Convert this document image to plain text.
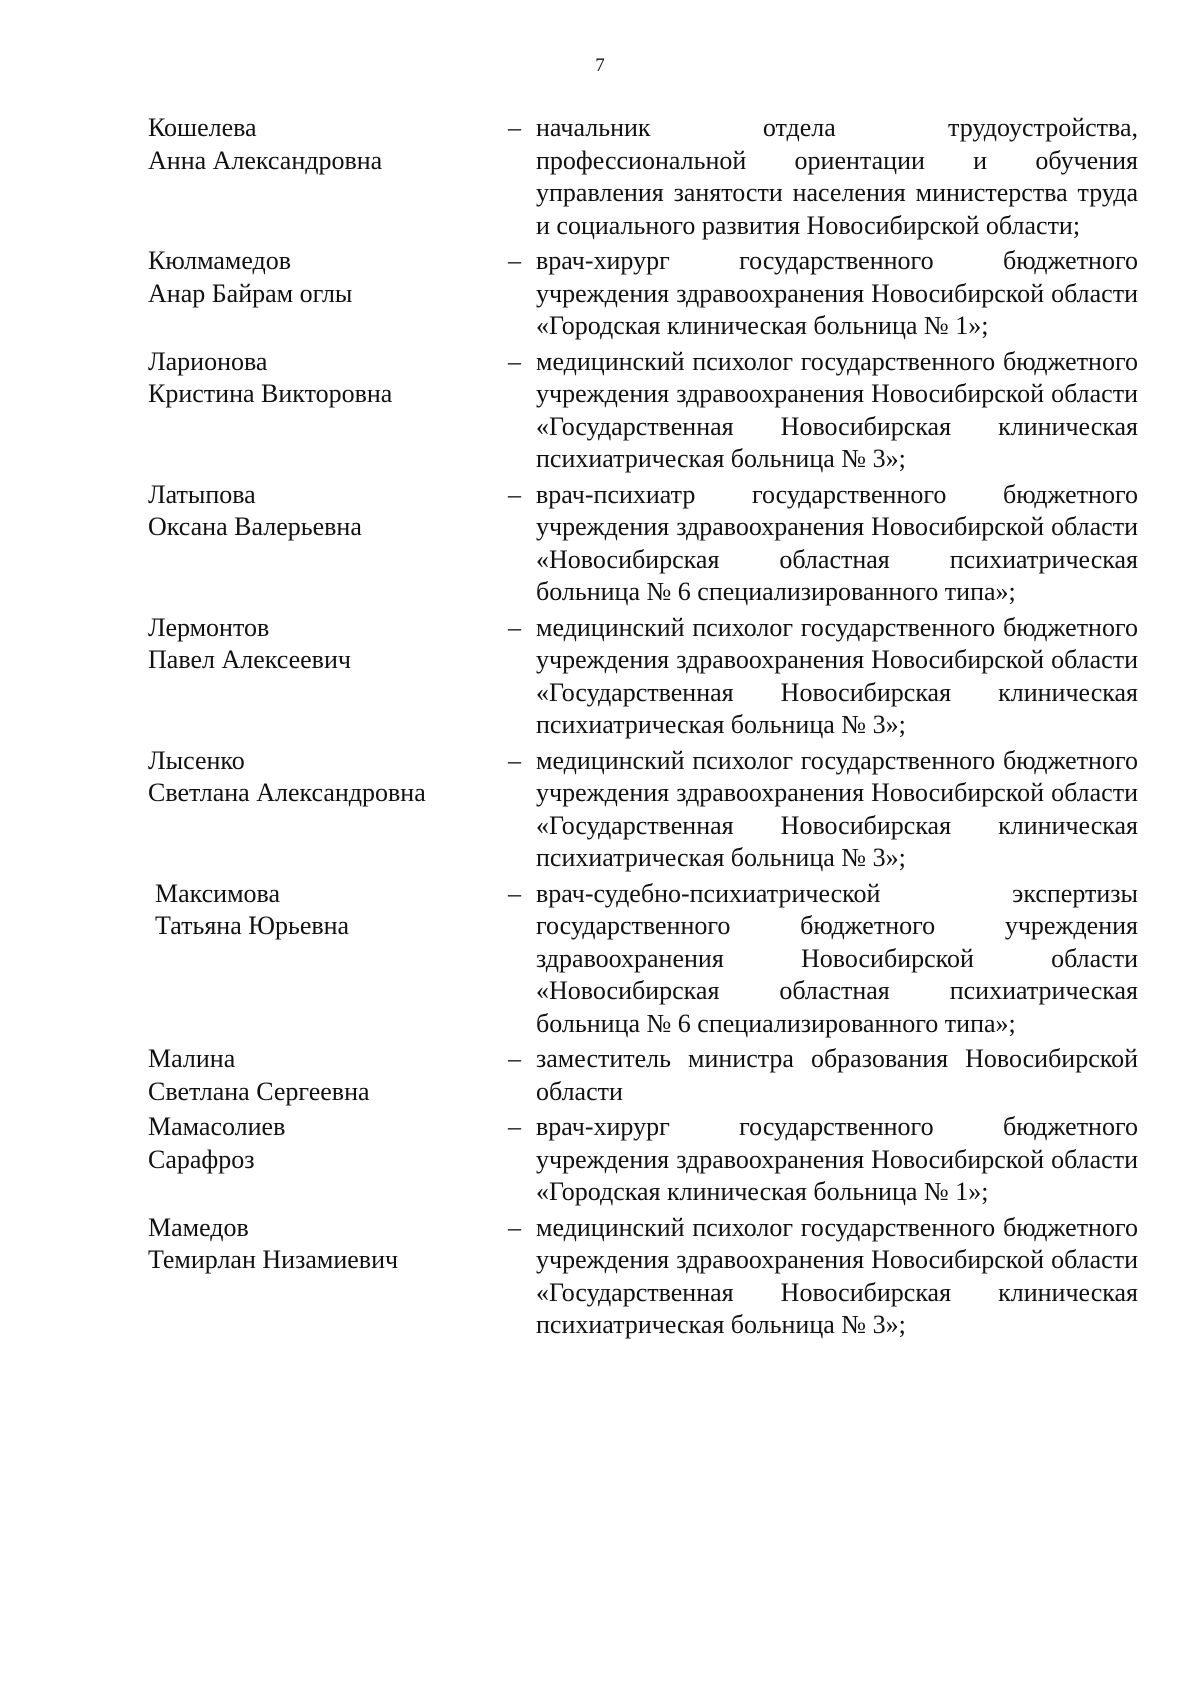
7
Кошелева
Анна Александровна
– начальник отдела трудоустройства, профессиональной ориентации и обучения управления занятости населения министерства труда и социального развития Новосибирской области;
Кюлмамедов
Анар Байрам оглы
– врач-хирург государственного бюджетного учреждения здравоохранения Новосибирской области «Городская клиническая больница № 1»;
Ларионова
Кристина Викторовна
– медицинский психолог государственного бюджетного учреждения здравоохранения Новосибирской области «Государственная Новосибирская клиническая психиатрическая больница № 3»;
Латыпова
Оксана Валерьевна
– врач-психиатр государственного бюджетного учреждения здравоохранения Новосибирской области «Новосибирская областная психиатрическая больница № 6 специализированного типа»;
Лермонтов
Павел Алексеевич
– медицинский психолог государственного бюджетного учреждения здравоохранения Новосибирской области «Государственная Новосибирская клиническая психиатрическая больница № 3»;
Лысенко
Светлана Александровна
– медицинский психолог государственного бюджетного учреждения здравоохранения Новосибирской области «Государственная Новосибирская клиническая психиатрическая больница № 3»;
Максимова
Татьяна Юрьевна
– врач-судебно-психиатрической экспертизы государственного бюджетного учреждения здравоохранения Новосибирской области «Новосибирская областная психиатрическая больница № 6 специализированного типа»;
Малина
Светлана Сергеевна
– заместитель министра образования Новосибирской области
Мамасолиев
Сарафроз
– врач-хирург государственного бюджетного учреждения здравоохранения Новосибирской области «Городская клиническая больница № 1»;
Мамедов
Темирлан Низамиевич
– медицинский психолог государственного бюджетного учреждения здравоохранения Новосибирской области «Государственная Новосибирская клиническая психиатрическая больница № 3»;
